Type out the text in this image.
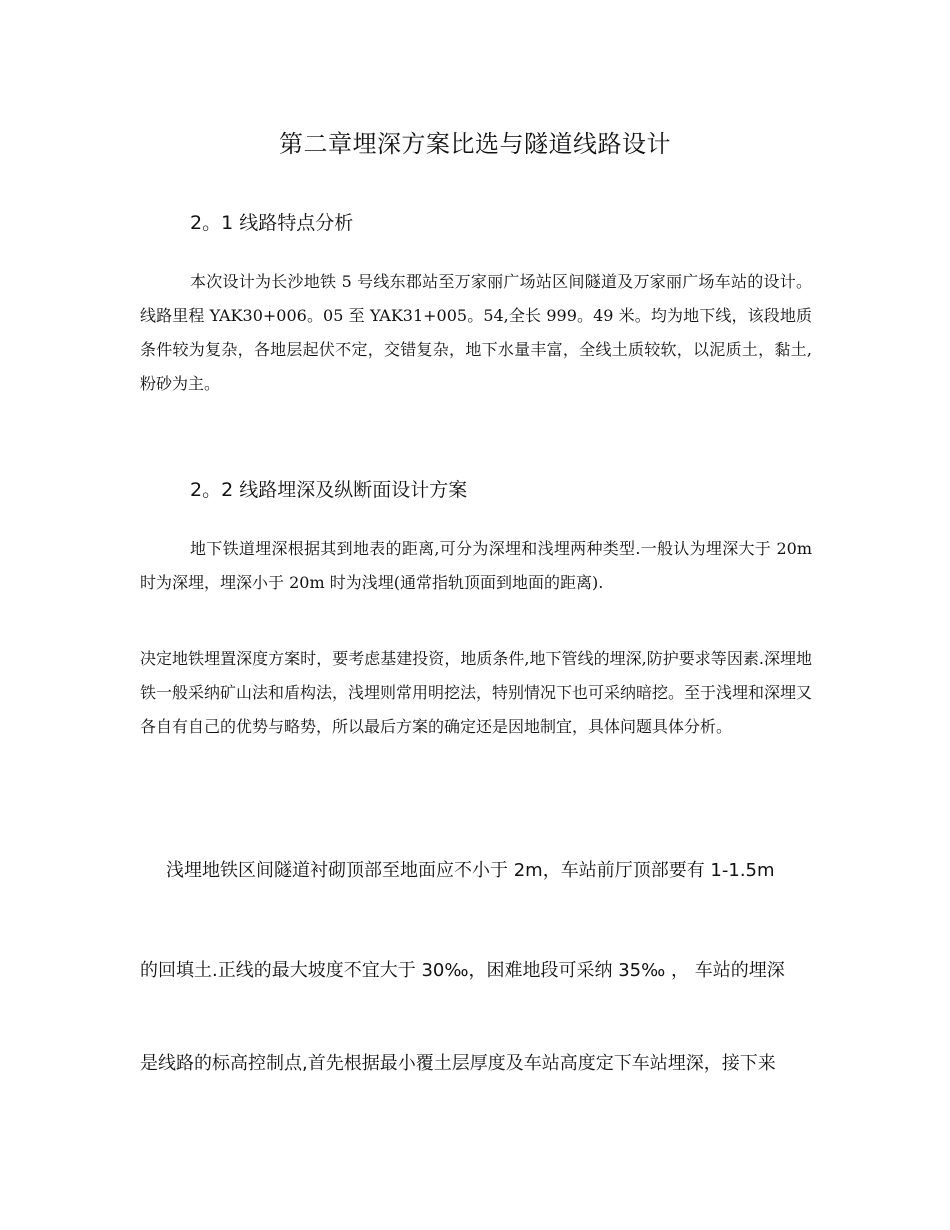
第二章埋深方案比选与隧道线路设计
2。1 线路特点分析

本次设计为长沙地铁 5 号线东郡站至万家丽广场站区间隧道及万家丽广场车站的设计。线路里程 YAK30+006。05 至 YAK31+005。54,全长 999。49 米。均为地下线，该段地质条件较为复杂，各地层起伏不定，交错复杂，地下水量丰富，全线土质较软，以泥质土，黏土,粉砂为主。

2。2 线路埋深及纵断面设计方案

地下铁道埋深根据其到地表的距离,可分为深埋和浅埋两种类型.一般认为埋深大于 20m 时为深埋，埋深小于 20m 时为浅埋(通常指轨顶面到地面的距离).

决定地铁埋置深度方案时，要考虑基建投资，地质条件,地下管线的埋深,防护要求等因素.深埋地铁一般采纳矿山法和盾构法，浅埋则常用明挖法，特别情况下也可采纳暗挖。至于浅埋和深埋又各自有自己的优势与略势，所以最后方案的确定还是因地制宜，具体问题具体分析。

浅埋地铁区间隧道衬砌顶部至地面应不小于 2m，车站前厅顶部要有 1-1.5m

的回填土.正线的最大坡度不宜大于 30‰，困难地段可采纳 35‰ ， 车站的埋深

是线路的标高控制点,首先根据最小覆土层厚度及车站高度定下车站埋深，接下来
